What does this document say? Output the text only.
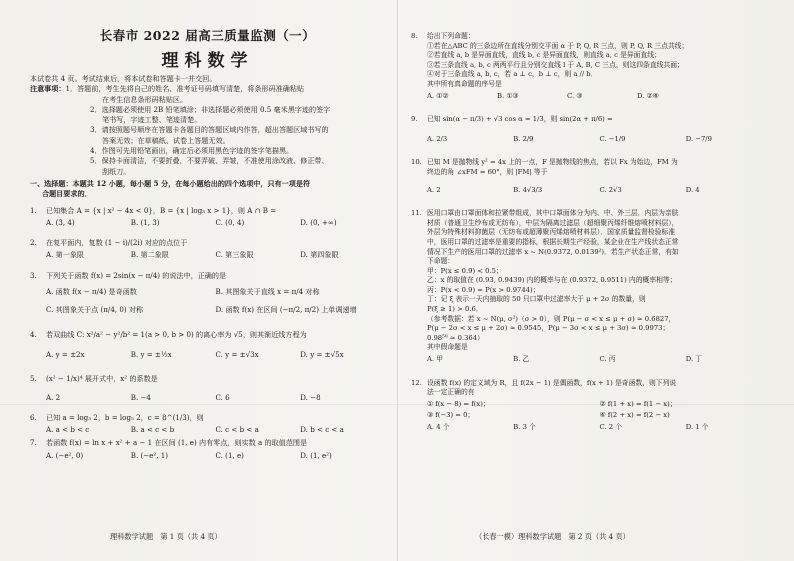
长春市 2022 届高三质量监测（一）
理科数学
本试卷共 4 页。考试结束后，将本试卷和答题卡一并交回。
注意事项： 1．答题前，考生先将自己的姓名、准考证号码填写清楚，将条形码准确粘贴
在考生信息条形码粘贴区。
2．选择题必须使用 2B 铅笔填涂；非选择题必须使用 0.5 毫米黑字迹的签字
笔书写，字迹工整、笔迹清楚。
3．请按照题号顺序在答题卡各题目的答题区域内作答，超出答题区域书写的
答案无效；在草稿纸、试卷上答题无效。
4．作图可先用铅笔画出，确定后必须用黑色字迹的签字笔描黑。
5．保持卡面清洁，不要折叠，不要弄破、弄皱，不准使用涂改液、修正带、
刮纸刀。
一、选择题：本题共 12 小题，每小题 5 分，在每小题给出的四个选项中，只有一项是符
合题目要求的．
1.	已知集合 A = {x | x² − 4x < 0}，B = {x | log₃ x > 1}，则 A ∩ B =
A. (3, 4)	B. (1, 3)	C. (0, 4)	D. (0, +∞)
2.	在复平面内，复数 (1 − i)/(2i) 对应的点位于
A. 第一象限	B. 第二象限	C. 第三象限	D. 第四象限
3.	下列关于函数 f(x) = 2sin(x − π/4) 的说法中，正确的是
A. 函数 f(x − π/4) 是奇函数	B. 其图象关于直线 x = π/4 对称
C. 其图象关于点 (π/4, 0) 对称	D. 函数 f(x) 在区间 (−π/2, π/2) 上单调递增
4.	若双曲线 C: x²/a² − y²/b² = 1(a > 0, b > 0) 的离心率为 √5，则其渐近线方程为
A. y = ±2x	B. y = ±½x	C. y = ±√3x	D. y = ±√5x
5.	(x² − 1/x)⁴ 展开式中，x² 的系数是
A. 2	B. −4	C. 6	D. −8
6.	已知 a = log₃ 2，b = log₅ 2，c = 8^(1/3)，则
A. a < b < c	B. a < c < b	C. c < b < a	D. b < c < a
7.	若函数 f(x) = ln x + x² + a − 1 在区间 (1, e) 内有零点，则实数 a 的取值范围是
A. (−e², 0)	B. (−e², 1)	C. (1, e)	D. (1, e²)
8.	给出下列命题：
①若在△ABC 的三条边所在直线分别交平面 α 于 P, Q, R 三点，则 P, Q, R 三点共线；
②若直线 a, b 是异面直线，直线 b, c 是异面直线，则直线 a, c 是异面直线；
③若三条直线 a, b, c 两两平行且分别交直线 l 于 A, B, C 三点，则这四条直线共面；
④对于三条直线 a, b, c，若 a ⊥ c，b ⊥ c，则 a // b．
其中所有真命题的序号是
A. ①②	B. ①③	C. ③	D. ②④
9.	已知 sin(α − π/3) + √3 cos α = 1/3，则 sin(2α + π/6) =
A. 2/3	B. 2/9	C. −1/9	D. −7/9
10. 已知 M 是抛物线 y² = 4x 上的一点，F 是抛物线的焦点，若以 Fx 为始边，FM 为
终边的角 ∠xFM = 60°，则 |FM| 等于
A. 2	B. 4√3/3	C. 2√3	D. 4
11. 医用口罩由口罩面体和拉紧带组成，其中口罩面体分为内、中、外三层．内层为亲肤
材质（普通卫生纱布或无纺布），中层为隔离过滤层（超细聚丙烯纤维熔喷材料层），
外层为特殊材料抑菌层（无纺布或超薄聚丙烯熔喷材料层）．国家质量监督检验标准
中，医用口罩的过滤率是重要的指标，根据长期生产经验，某企业在生产线状态正常
情况下生产的医用口罩的过滤率 x ~ N(0.9372, 0.0139²)．若生产状态正常，有如
下命题：
甲：P(x ≤ 0.9) < 0.5；
乙：x 的取值在 (0.93, 0.9439) 内的概率与在 (0.9372, 0.9511) 内的概率相等；
丙：P(x < 0.9) = P(x > 0.9744)；
丁：记 ξ 表示一天内抽取的 50 只口罩中过滤率大于 μ + 2σ 的数量，则
P(ξ ≥ 1) > 0.6．
（参考数据：若 x ~ N(μ, σ²)（σ > 0），则 P(μ − σ < x ≤ μ + σ) ≈ 0.6827，
P(μ − 2σ < x ≤ μ + 2σ) ≈ 0.9545，P(μ − 3σ < x ≤ μ + 3σ) ≈ 0.9973；
0.98⁵⁰ ≈ 0.364）
其中假命题是
A. 甲	B. 乙	C. 丙	D. 丁
12. 设函数 f(x) 的定义域为 R，且 f(2x − 1) 是偶函数，f(x + 1) 是奇函数，则下列说
法一定正确的有
① f(x − 8) = f(x)；	② f(1 + x) = f(1 − x)；
③ f(−3) = 0；	④ f(2 + x) = f(2 − x)
A. 4 个	B. 3 个	C. 2 个	D. 1 个
理科数学试题　第 1 页（共 4 页）	（长春一模）理科数学试题　第 2 页（共 4 页）
